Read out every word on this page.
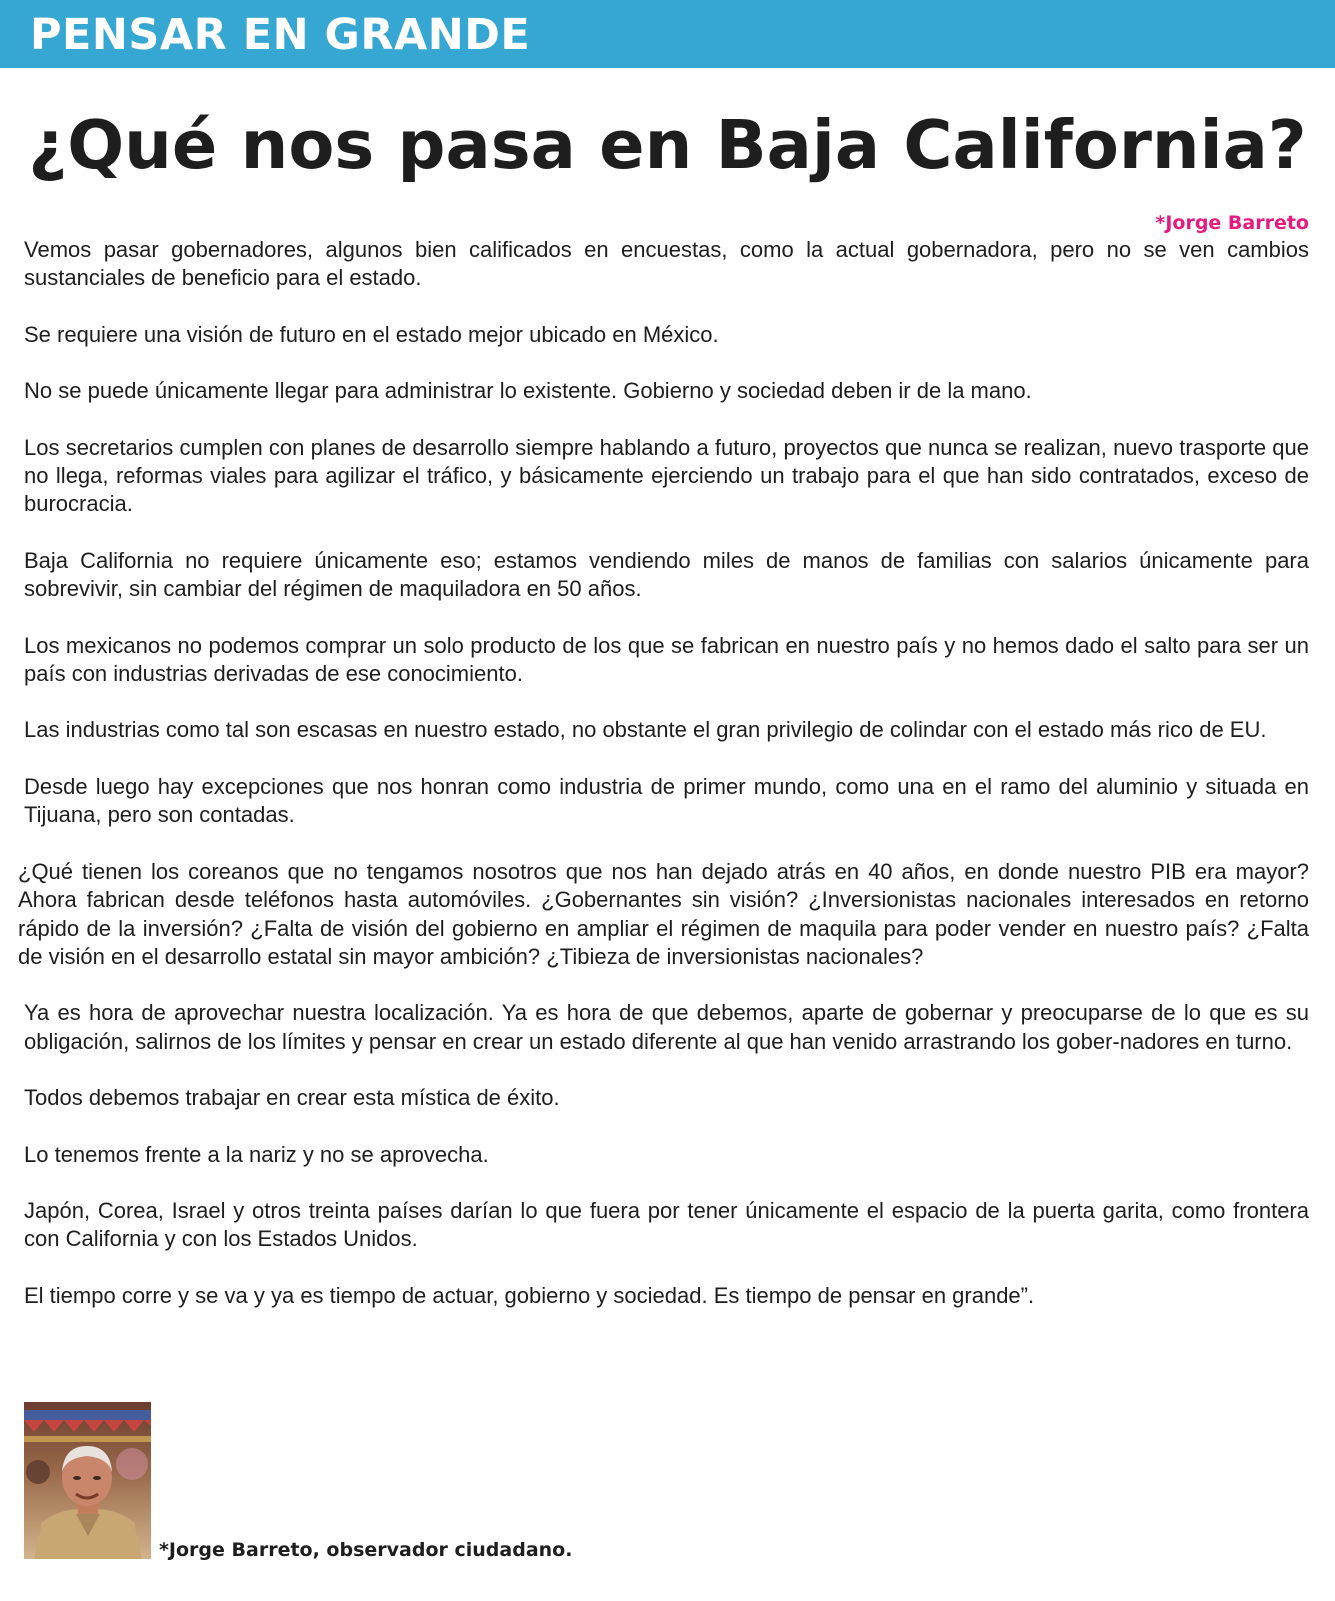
PENSAR EN GRANDE
¿Qué nos pasa en Baja California?
*Jorge Barreto

Vemos pasar gobernadores, algunos bien calificados en encuestas, como la actual gobernadora, pero no se ven cambios sustanciales de beneficio para el estado.

Se requiere una visión de futuro en el estado mejor ubicado en México.

No se puede únicamente llegar para administrar lo existente. Gobierno y sociedad deben ir de la mano.

Los secretarios cumplen con planes de desarrollo siempre hablando a futuro, proyectos que nunca se realizan, nuevo trasporte que no llega, reformas viales para agilizar el tráfico, y básicamente ejerciendo un trabajo para el que han sido contratados, exceso de burocracia.

Baja California no requiere únicamente eso; estamos vendiendo miles de manos de familias con salarios únicamente para sobrevivir, sin cambiar del régimen de maquiladora en 50 años.

Los mexicanos no podemos comprar un solo producto de los que se fabrican en nuestro país y no hemos dado el salto para ser un país con industrias derivadas de ese conocimiento.

Las industrias como tal son escasas en nuestro estado, no obstante el gran privilegio de colindar con el estado más rico de EU.

Desde luego hay excepciones que nos honran como industria de primer mundo, como una en el ramo del aluminio y situada en Tijuana, pero son contadas.

¿Qué tienen los coreanos que no tengamos nosotros que nos han dejado atrás en 40 años, en donde nuestro PIB era mayor? Ahora fabrican desde teléfonos hasta automóviles. ¿Gobernantes sin visión? ¿Inversionistas nacionales interesados en retorno rápido de la inversión? ¿Falta de visión del gobierno en ampliar el régimen de maquila para poder vender en nuestro país? ¿Falta de visión en el desarrollo estatal sin mayor ambición? ¿Tibieza de inversionistas nacionales?

Ya es hora de aprovechar nuestra localización. Ya es hora de que debemos, aparte de gobernar y preocuparse de lo que es su obligación, salirnos de los límites y pensar en crear un estado diferente al que han venido arrastrando los gober-nadores en turno.

Todos debemos trabajar en crear esta mística de éxito.

Lo tenemos frente a la nariz y no se aprovecha.

Japón, Corea, Israel y otros treinta países darían lo que fuera por tener únicamente el espacio de la puerta garita, como frontera con California y con los Estados Unidos.

El tiempo corre y se va y ya es tiempo de actuar, gobierno y sociedad. Es tiempo de pensar en grande”.

*Jorge Barreto, observador ciudadano.
